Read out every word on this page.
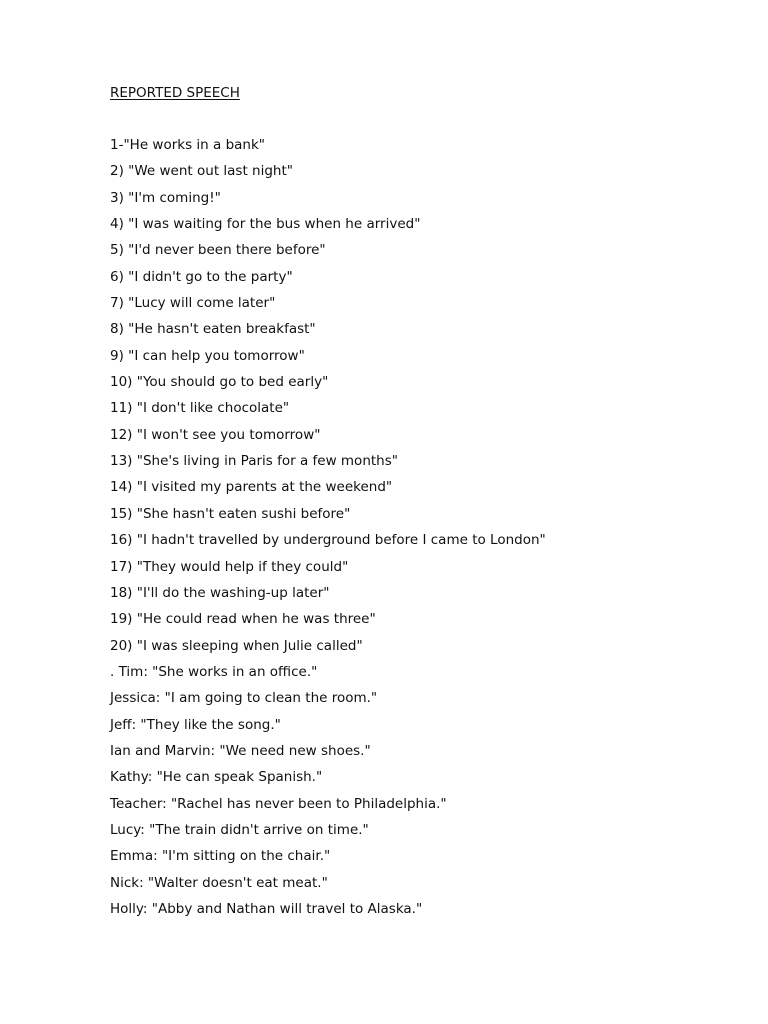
REPORTED SPEECH
1-"He works in a bank"
2) "We went out last night"
3) "I'm coming!"
4) "I was waiting for the bus when he arrived"
5) "I'd never been there before"
6) "I didn't go to the party"
7) "Lucy will come later"
8) "He hasn't eaten breakfast"
9) "I can help you tomorrow"
10) "You should go to bed early"
11) "I don't like chocolate"
12) "I won't see you tomorrow"
13) "She's living in Paris for a few months"
14) "I visited my parents at the weekend"
15) "She hasn't eaten sushi before"
16) "I hadn't travelled by underground before I came to London"
17) "They would help if they could"
18) "I'll do the washing-up later"
19) "He could read when he was three"
20) "I was sleeping when Julie called"
. Tim: "She works in an office."
Jessica: "I am going to clean the room."
Jeff: "They like the song."
Ian and Marvin: "We need new shoes."
Kathy: "He can speak Spanish."
Teacher: "Rachel has never been to Philadelphia."
Lucy: "The train didn't arrive on time."
Emma: "I'm sitting on the chair."
Nick: "Walter doesn't eat meat."
Holly: "Abby and Nathan will travel to Alaska."
